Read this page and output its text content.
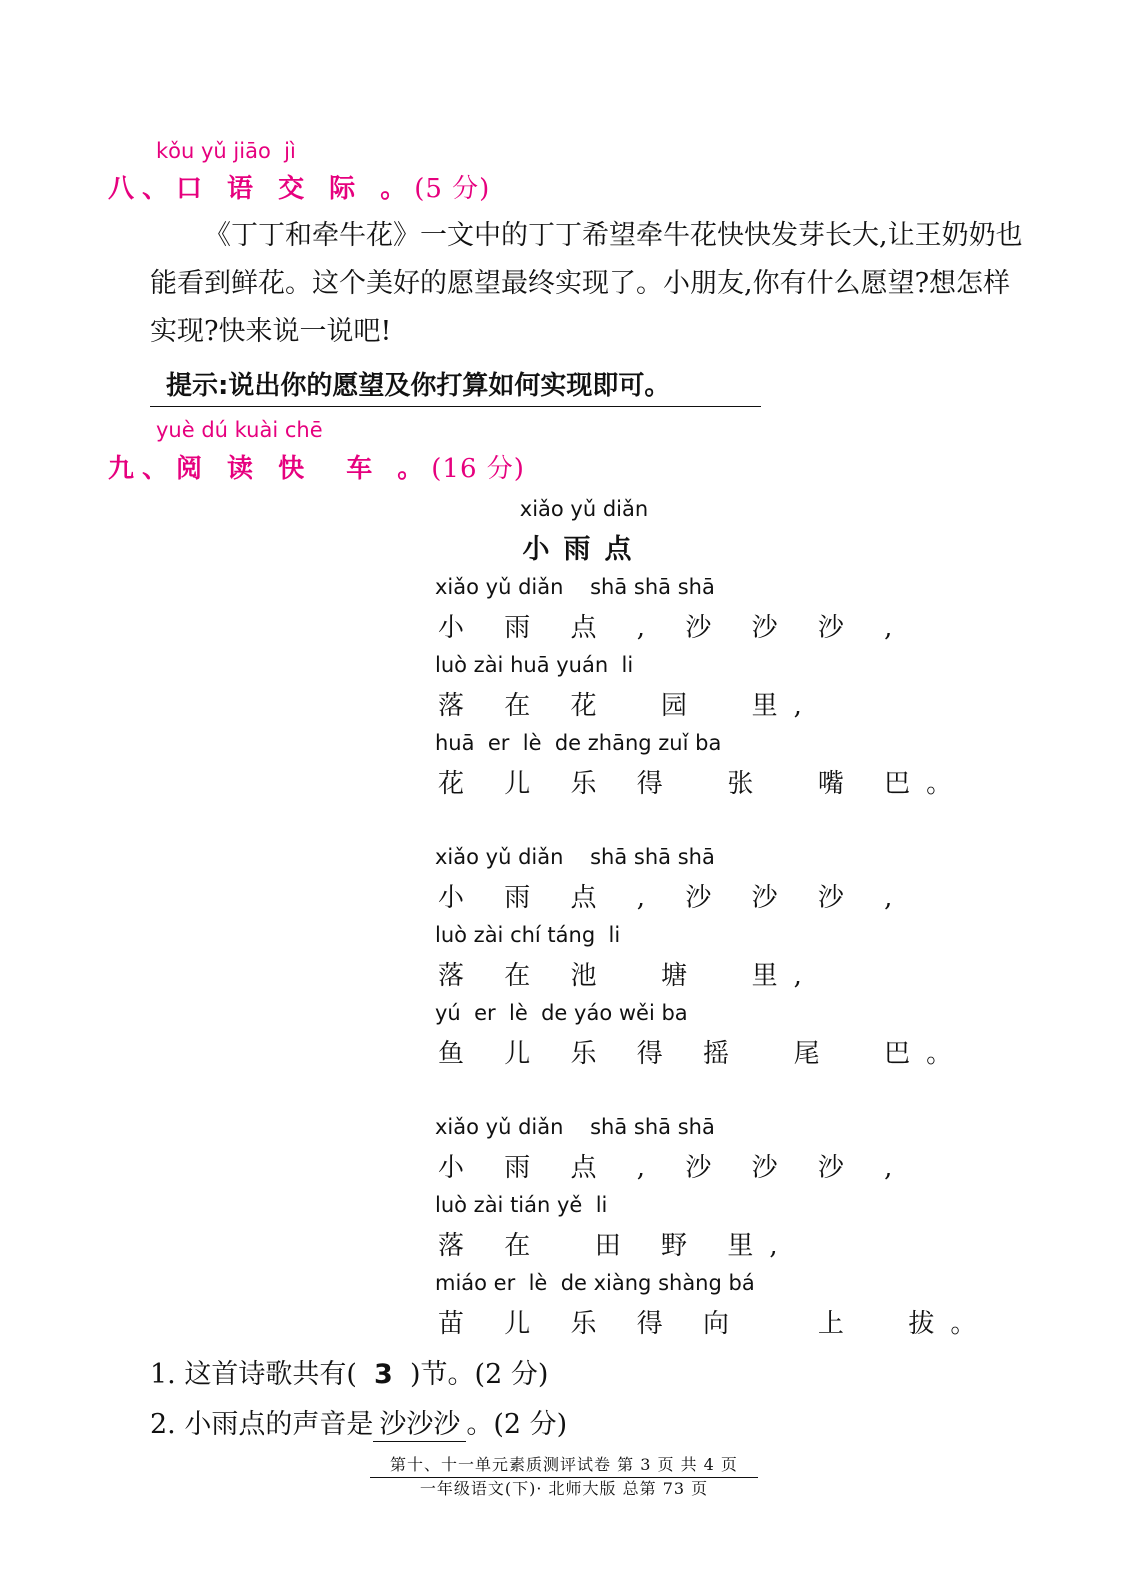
kǒu yǔ jiāo  jì
八、口 语 交 际 。(5 分)
《丁丁和牵牛花》一文中的丁丁希望牵牛花快快发芽长大,让王奶奶也能看到鲜花。这个美好的愿望最终实现了。小朋友,你有什么愿望?想怎样实现?快来说一说吧!
提示:说出你的愿望及你打算如何实现即可。
yuè dú kuài chē
九、阅 读 快  车 。(16 分)
xiǎo yǔ diǎn
小雨点
xiǎo yǔ diǎn    shā shā shā
小 雨 点 , 沙 沙 沙 ,
luò zài huā yuán  li
落 在 花  园  里,
huā  er  lè  de zhāng zuǐ ba
花 儿 乐 得  张  嘴 巴。
xiǎo yǔ diǎn    shā shā shā
小 雨 点 , 沙 沙 沙 ,
luò zài chí táng  li
落 在 池  塘  里,
yú  er  lè  de yáo wěi ba
鱼 儿 乐 得 摇  尾  巴。
xiǎo yǔ diǎn    shā shā shā
小 雨 点 , 沙 沙 沙 ,
luò zài tián yě  li
落 在  田 野 里,
miáo er  lè  de xiàng shàng bá
苗 儿 乐 得 向   上  拔。
1. 这首诗歌共有(  3  )节。(2 分)
2. 小雨点的声音是 沙沙沙 。(2 分)
第十、十一单元素质测评试卷 第 3 页 共 4 页
一年级语文(下)· 北师大版 总第 73 页
